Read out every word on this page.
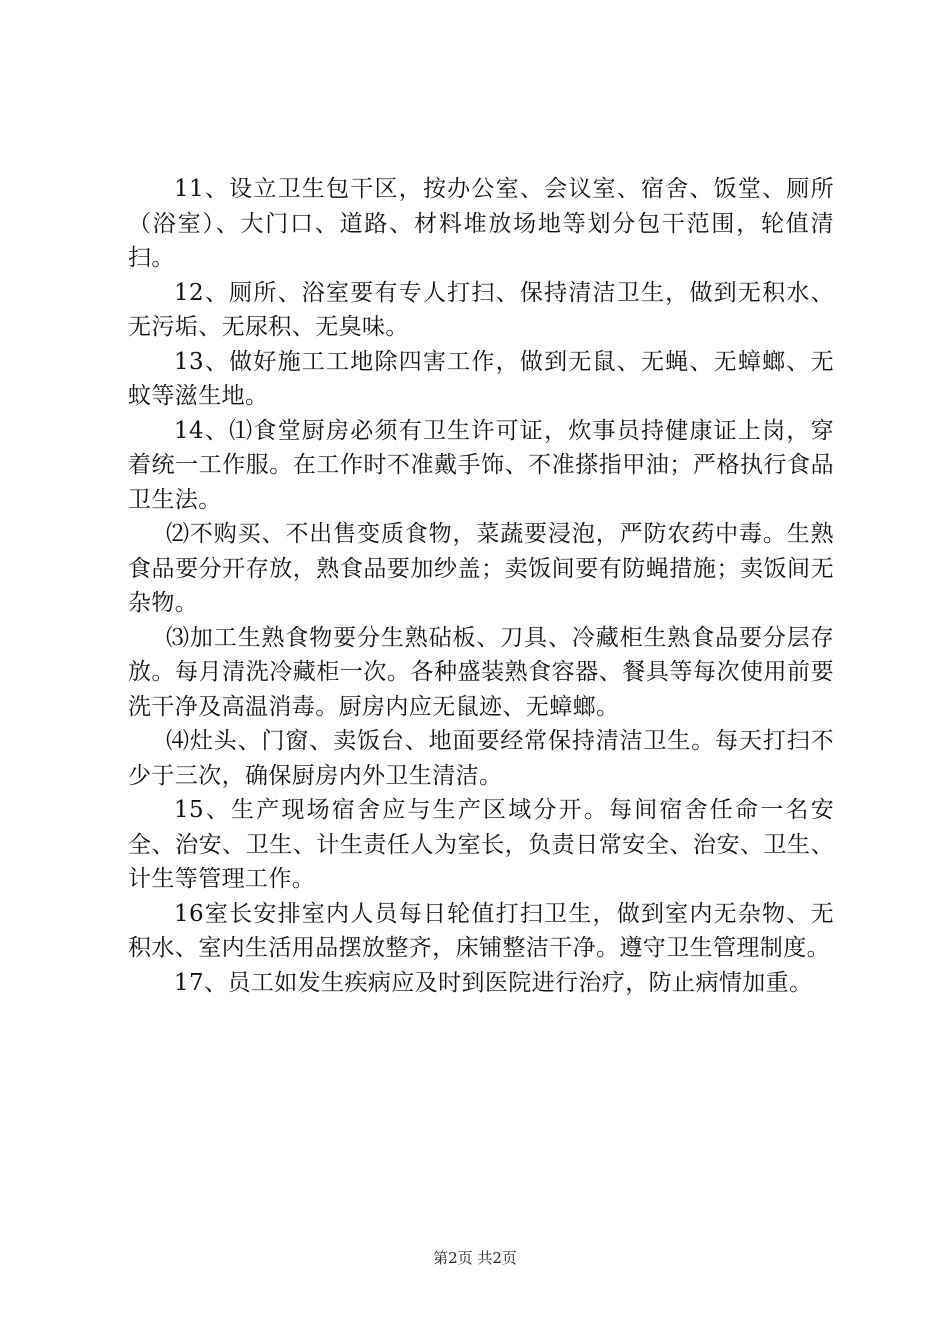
11、设立卫生包干区，按办公室、会议室、宿舍、饭堂、厕所（浴室）、大门口、道路、材料堆放场地等划分包干范围，轮值清扫。

12、厕所、浴室要有专人打扫、保持清洁卫生，做到无积水、无污垢、无尿积、无臭味。

13、做好施工工地除四害工作，做到无鼠、无蝇、无蟑螂、无蚊等滋生地。

14、⑴食堂厨房必须有卫生许可证，炊事员持健康证上岗，穿着统一工作服。在工作时不准戴手饰、不准搽指甲油；严格执行食品卫生法。

⑵不购买、不出售变质食物，菜蔬要浸泡，严防农药中毒。生熟食品要分开存放，熟食品要加纱盖；卖饭间要有防蝇措施；卖饭间无杂物。

⑶加工生熟食物要分生熟砧板、刀具、冷藏柜生熟食品要分层存放。每月清洗冷藏柜一次。各种盛装熟食容器、餐具等每次使用前要洗干净及高温消毒。厨房内应无鼠迹、无蟑螂。

⑷灶头、门窗、卖饭台、地面要经常保持清洁卫生。每天打扫不少于三次，确保厨房内外卫生清洁。

15、生产现场宿舍应与生产区域分开。每间宿舍任命一名安全、治安、卫生、计生责任人为室长，负责日常安全、治安、卫生、计生等管理工作。

16室长安排室内人员每日轮值打扫卫生，做到室内无杂物、无积水、室内生活用品摆放整齐，床铺整洁干净。遵守卫生管理制度。

17、员工如发生疾病应及时到医院进行治疗，防止病情加重。

第2页 共2页
